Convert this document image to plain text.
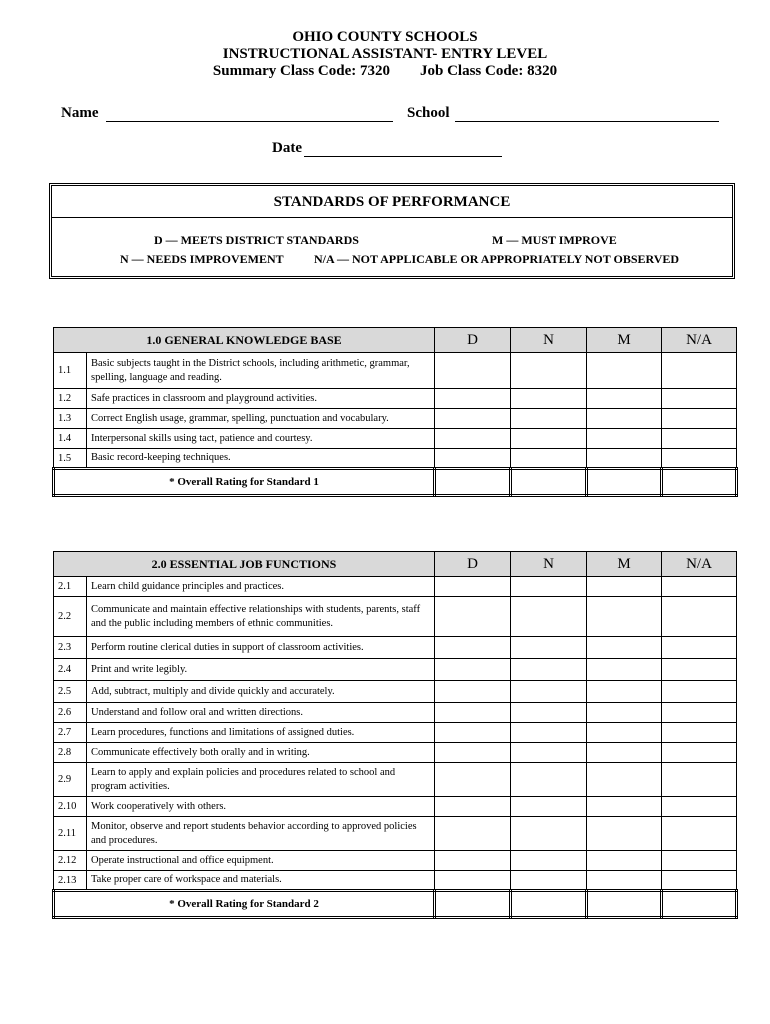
OHIO COUNTY SCHOOLS
INSTRUCTIONAL ASSISTANT- ENTRY LEVEL
Summary Class Code: 7320        Job Class Code: 8320
Name	School
Date
STANDARDS OF PERFORMANCE
D — MEETS DISTRICT STANDARDS	M — MUST IMPROVE
N — NEEDS IMPROVEMENT	N/A — NOT APPLICABLE OR APPROPRIATELY NOT OBSERVED
1.0 GENERAL KNOWLEDGE BASE		D	N	M	N/A
1.1	Basic subjects taught in the District schools, including arithmetic, grammar, spelling, language and reading.				
1.2	Safe practices in classroom and playground activities.				
1.3	Correct English usage, grammar, spelling, punctuation and vocabulary.				
1.4	Interpersonal skills using tact, patience and courtesy.				
1.5	Basic record-keeping techniques.				
* Overall Rating for Standard 1					
2.0 ESSENTIAL JOB FUNCTIONS		D	N	M	N/A
2.1	Learn child guidance principles and practices.				
2.2	Communicate and maintain effective relationships with students, parents, staff and the public including members of ethnic communities.				
2.3	Perform routine clerical duties in support of classroom activities.				
2.4	Print and write legibly.				
2.5	Add, subtract, multiply and divide quickly and accurately.				
2.6	Understand and follow oral and written directions.				
2.7	Learn procedures, functions and limitations of assigned duties.				
2.8	Communicate effectively both orally and in writing.				
2.9	Learn to apply and explain policies and procedures related to school and program activities.				
2.10	Work cooperatively with others.				
2.11	Monitor, observe and report students behavior according to approved policies and procedures.				
2.12	Operate instructional and office equipment.				
2.13	Take proper care of workspace and materials.				
* Overall Rating for Standard 2					
